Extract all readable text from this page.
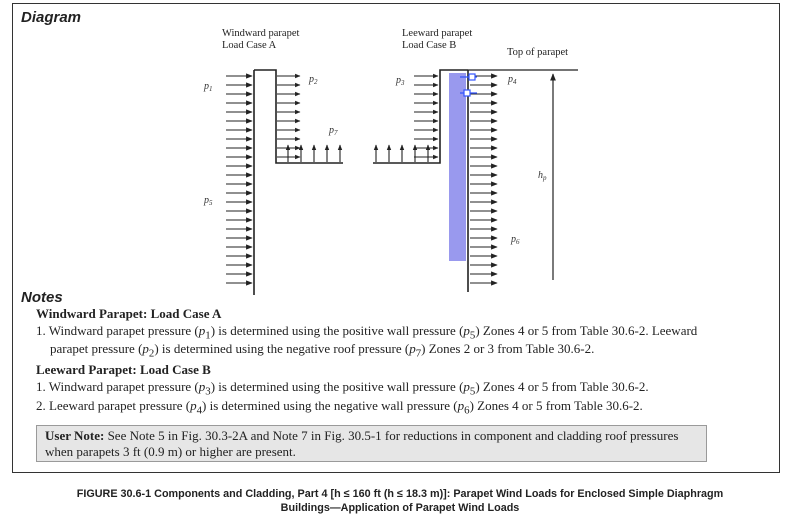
Diagram
Windward parapet
Load Case A
Leeward parapet
Load Case B
Top of parapet
$p_1$
$p_2$	$p_3$	$p_4$
$p_5$
$p_6$
$p_7$
$h_p$
Notes
Windward Parapet: Load Case A
1. Windward parapet pressure $(p_1)$ is determined using the positive wall pressure $(p_5)$ Zones 4 or 5 from Table 30.6-2. Leeward
parapet pressure $(p_2)$ is determined using the negative roof pressure $(p_7)$ Zones 2 or 3 from Table 30.6-2.
Leeward Parapet: Load Case B
1. Windward parapet pressure $(p_3)$ is determined using the positive wall pressure $(p_5)$ Zones 4 or 5 from Table 30.6-2.
2. Leeward parapet pressure $(p_4)$ is determined using the negative wall pressure $(p_6)$ Zones 4 or 5 from Table 30.6-2.
User Note: See Note 5 in Fig. 30.3-2A and Note 7 in Fig. 30.5-1 for reductions in component and cladding roof pressures when parapets 3 ft (0.9 m) or higher are present.
FIGURE 30.6-1 Components and Cladding, Part 4 [h ≤ 160 ft (h ≤ 18.3 m)]: Parapet Wind Loads for Enclosed Simple Diaphragm
Buildings—Application of Parapet Wind Loads
